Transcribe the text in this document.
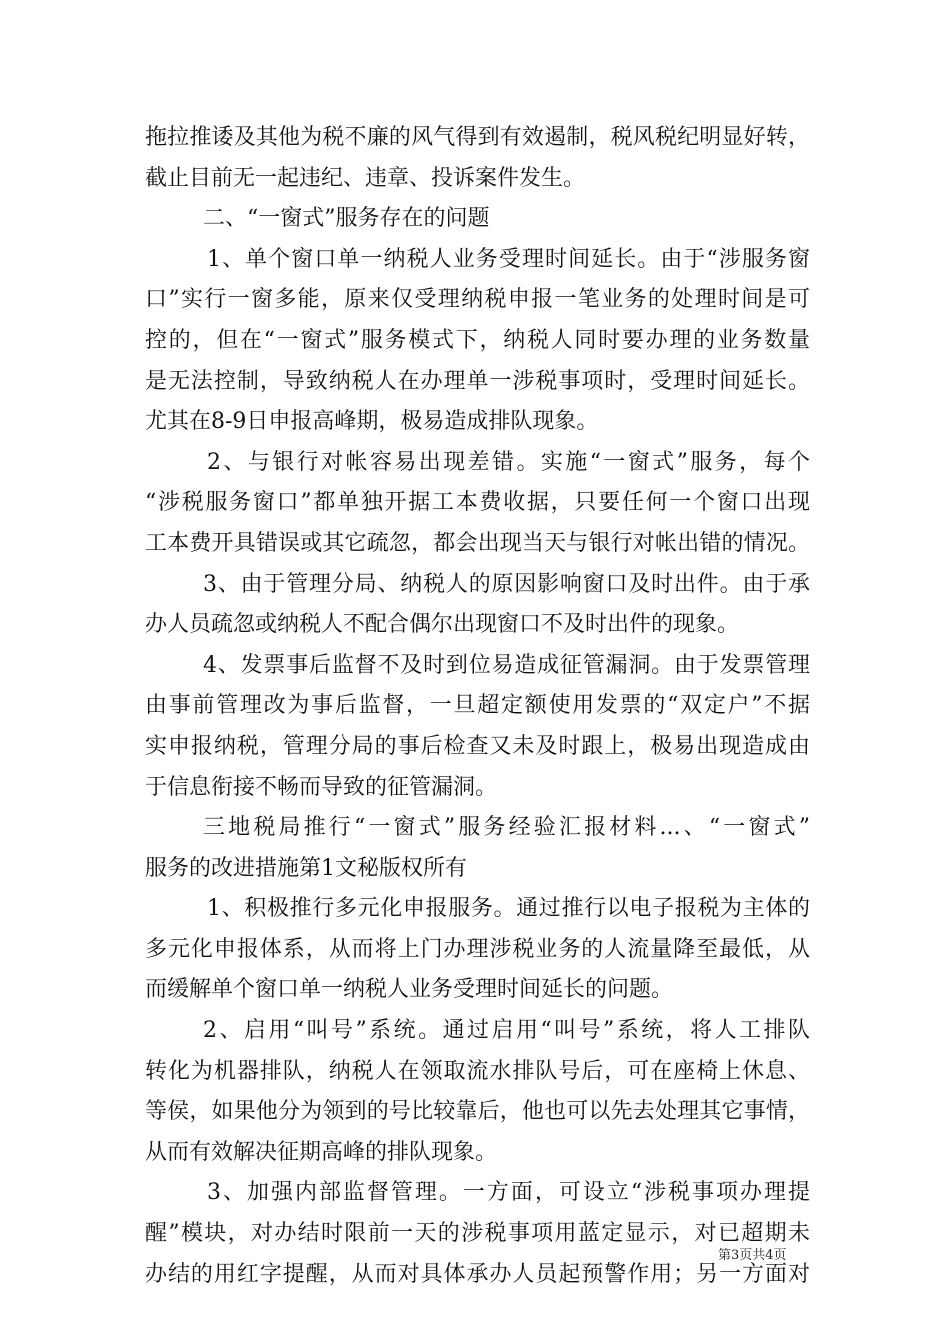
拖拉推诿及其他为税不廉的风气得到有效遏制，税风税纪明显好转，
截止目前无一起违纪、违章、投诉案件发生。
二、“一窗式”服务存在的问题
1、单个窗口单一纳税人业务受理时间延长。由于“涉服务窗
口”实行一窗多能，原来仅受理纳税申报一笔业务的处理时间是可
控的，但在“一窗式”服务模式下，纳税人同时要办理的业务数量
是无法控制，导致纳税人在办理单一涉税事项时，受理时间延长。
尤其在8-9日申报高峰期，极易造成排队现象。
2、与银行对帐容易出现差错。实施“一窗式”服务，每个
“涉税服务窗口”都单独开据工本费收据，只要任何一个窗口出现
工本费开具错误或其它疏忽，都会出现当天与银行对帐出错的情况。
3、由于管理分局、纳税人的原因影响窗口及时出件。由于承
办人员疏忽或纳税人不配合偶尔出现窗口不及时出件的现象。
4、发票事后监督不及时到位易造成征管漏洞。由于发票管理
由事前管理改为事后监督，一旦超定额使用发票的“双定户”不据
实申报纳税，管理分局的事后检查又未及时跟上，极易出现造成由
于信息衔接不畅而导致的征管漏洞。
三地税局推行“一窗式”服务经验汇报材料...、“一窗式”
服务的改进措施第1文秘版权所有
1、积极推行多元化申报服务。通过推行以电子报税为主体的
多元化申报体系，从而将上门办理涉税业务的人流量降至最低，从
而缓解单个窗口单一纳税人业务受理时间延长的问题。
2、启用“叫号”系统。通过启用“叫号”系统，将人工排队
转化为机器排队，纳税人在领取流水排队号后，可在座椅上休息、
等侯，如果他分为领到的号比较靠后，他也可以先去处理其它事情，
从而有效解决征期高峰的排队现象。
3、加强内部监督管理。一方面，可设立“涉税事项办理提
醒”模块，对办结时限前一天的涉税事项用蓝定显示，对已超期未
办结的用红字提醒，从而对具体承办人员起预警作用；另一方面对
第3页共4页
